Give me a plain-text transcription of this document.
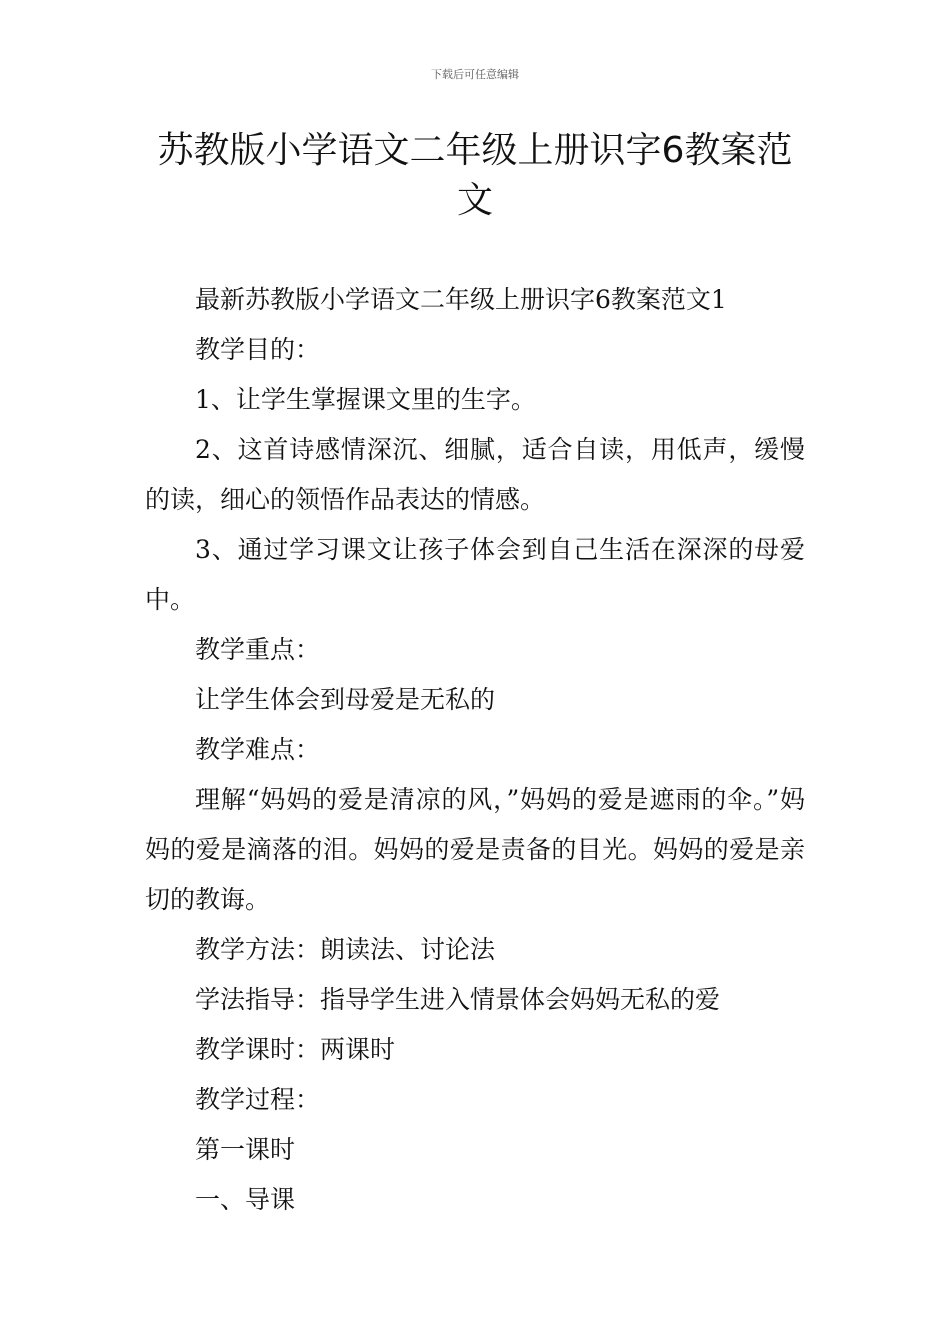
下载后可任意编辑
苏教版小学语文二年级上册识字6教案范文

最新苏教版小学语文二年级上册识字6教案范文1

教学目的：

1、让学生掌握课文里的生字。

2、这首诗感情深沉、细腻，适合自读，用低声，缓慢的读，细心的领悟作品表达的情感。

3、通过学习课文让孩子体会到自己生活在深深的母爱中。

教学重点：

让学生体会到母爱是无私的

教学难点：

理解“妈妈的爱是清凉的风，”妈妈的爱是遮雨的伞。”妈妈的爱是滴落的泪。妈妈的爱是责备的目光。妈妈的爱是亲切的教诲。

教学方法：朗读法、讨论法

学法指导：指导学生进入情景体会妈妈无私的爱

教学课时：两课时

教学过程：

第一课时

一、导课
